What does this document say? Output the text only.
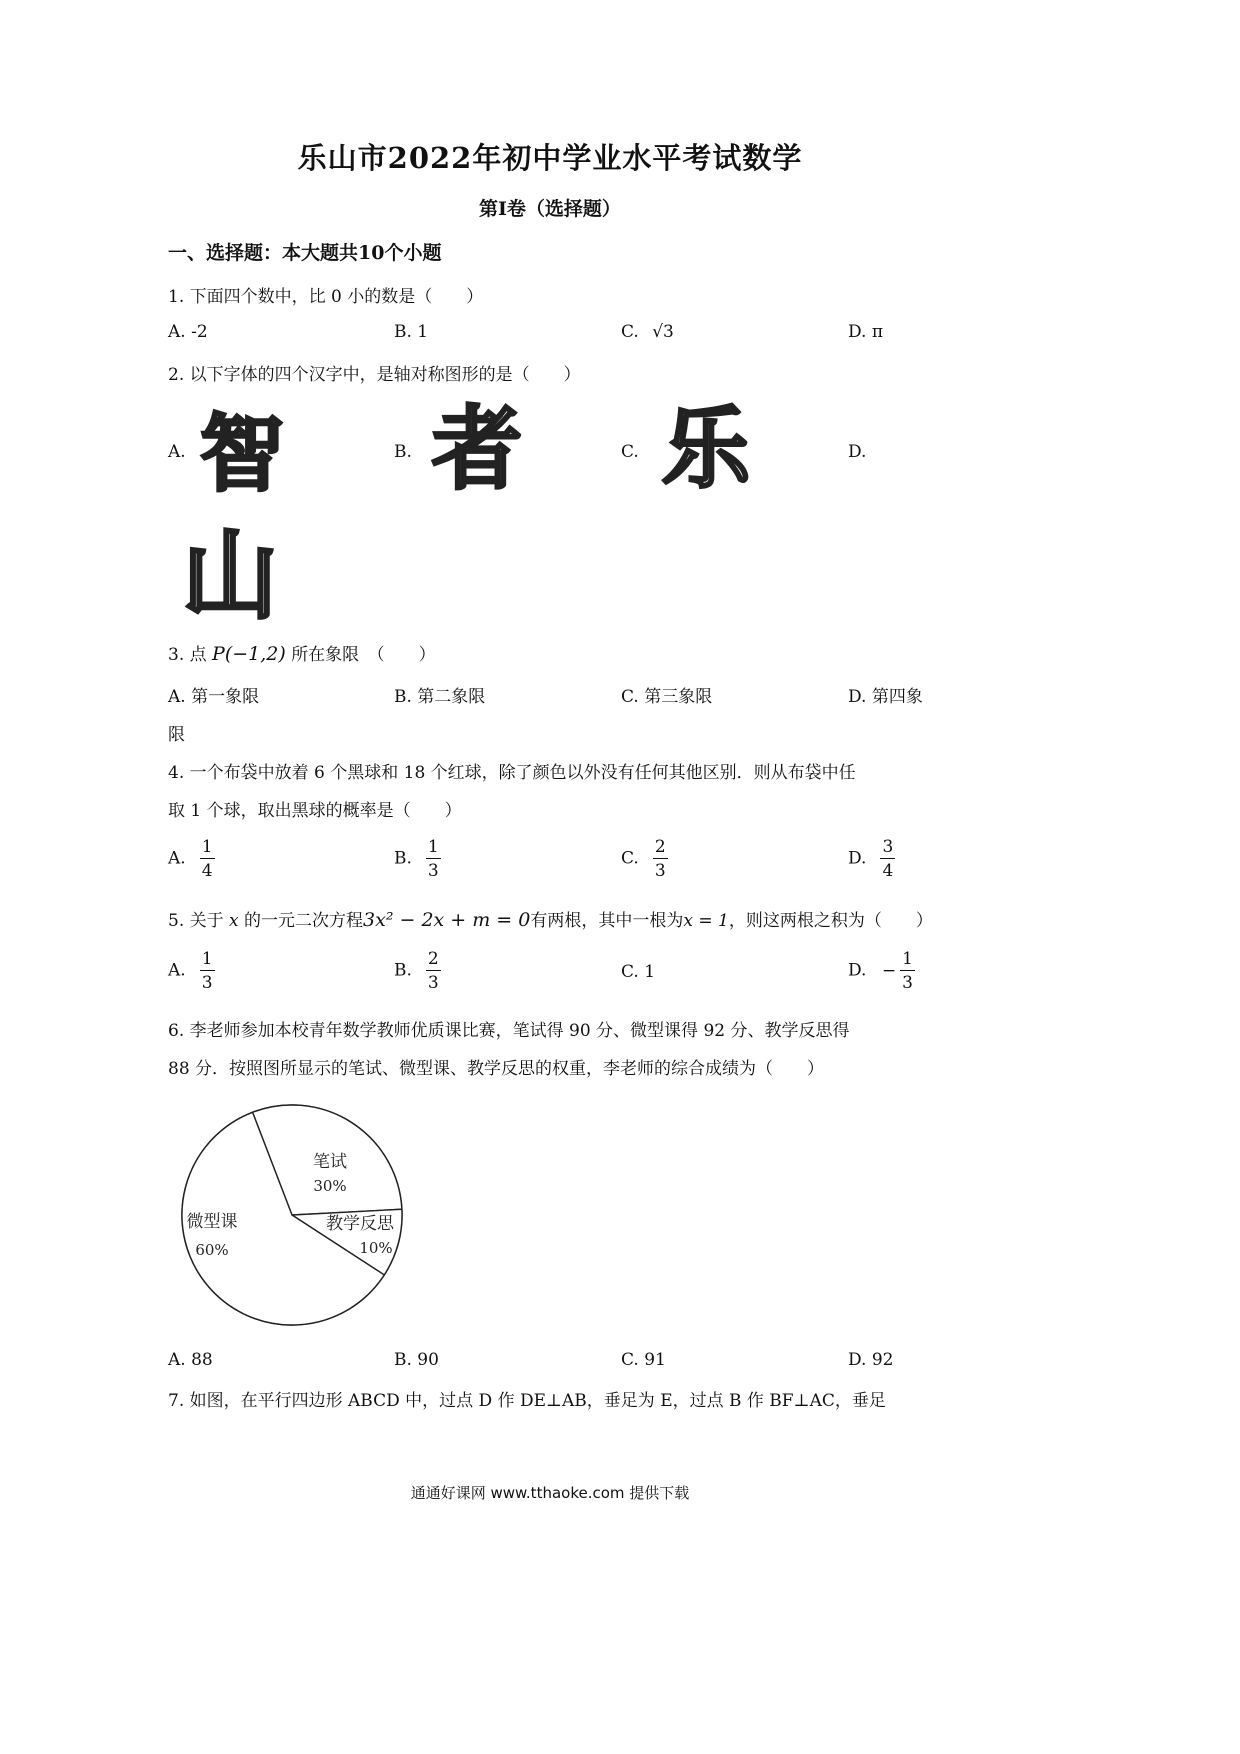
乐山市2022年初中学业水平考试数学
第Ⅰ卷（选择题）
一、选择题：本大题共10个小题
1. 下面四个数中，比 0 小的数是（　　）
A. -2	B. 1	C. √3	D. π
2. 以下字体的四个汉字中，是轴对称图形的是（　　）
A. 智	B. 者	C. 乐	D.
山
3. 点 P(−1,2) 所在象限　（　　）
A. 第一象限	B. 第二象限	C. 第三象限	D. 第四象
限
4. 一个布袋中放着 6 个黑球和 18 个红球，除了颜色以外没有任何其他区别．则从布袋中任
取 1 个球，取出黑球的概率是（　　）
A. $\frac{1}{4}$	B. $\frac{1}{3}$	C. $\frac{2}{3}$	D. $\frac{3}{4}$
5. 关于 x 的一元二次方程3x² − 2x + m = 0有两根，其中一根为x = 1，则这两根之积为（　　）
A. $\frac{1}{3}$	B. $\frac{2}{3}$	C. 1	D. − $\frac{1}{3}$
6. 李老师参加本校青年数学教师优质课比赛，笔试得 90 分、微型课得 92 分、教学反思得
88 分．按照图所显示的笔试、微型课、教学反思的权重，李老师的综合成绩为（　　）
笔试
30%
教学反思
10%
微型课
60%
A. 88	B. 90	C. 91	D. 92
7. 如图，在平行四边形 ABCD 中，过点 D 作 DE⊥AB，垂足为 E，过点 B 作 BF⊥AC，垂足
通通好课网 www.tthaoke.com 提供下载
